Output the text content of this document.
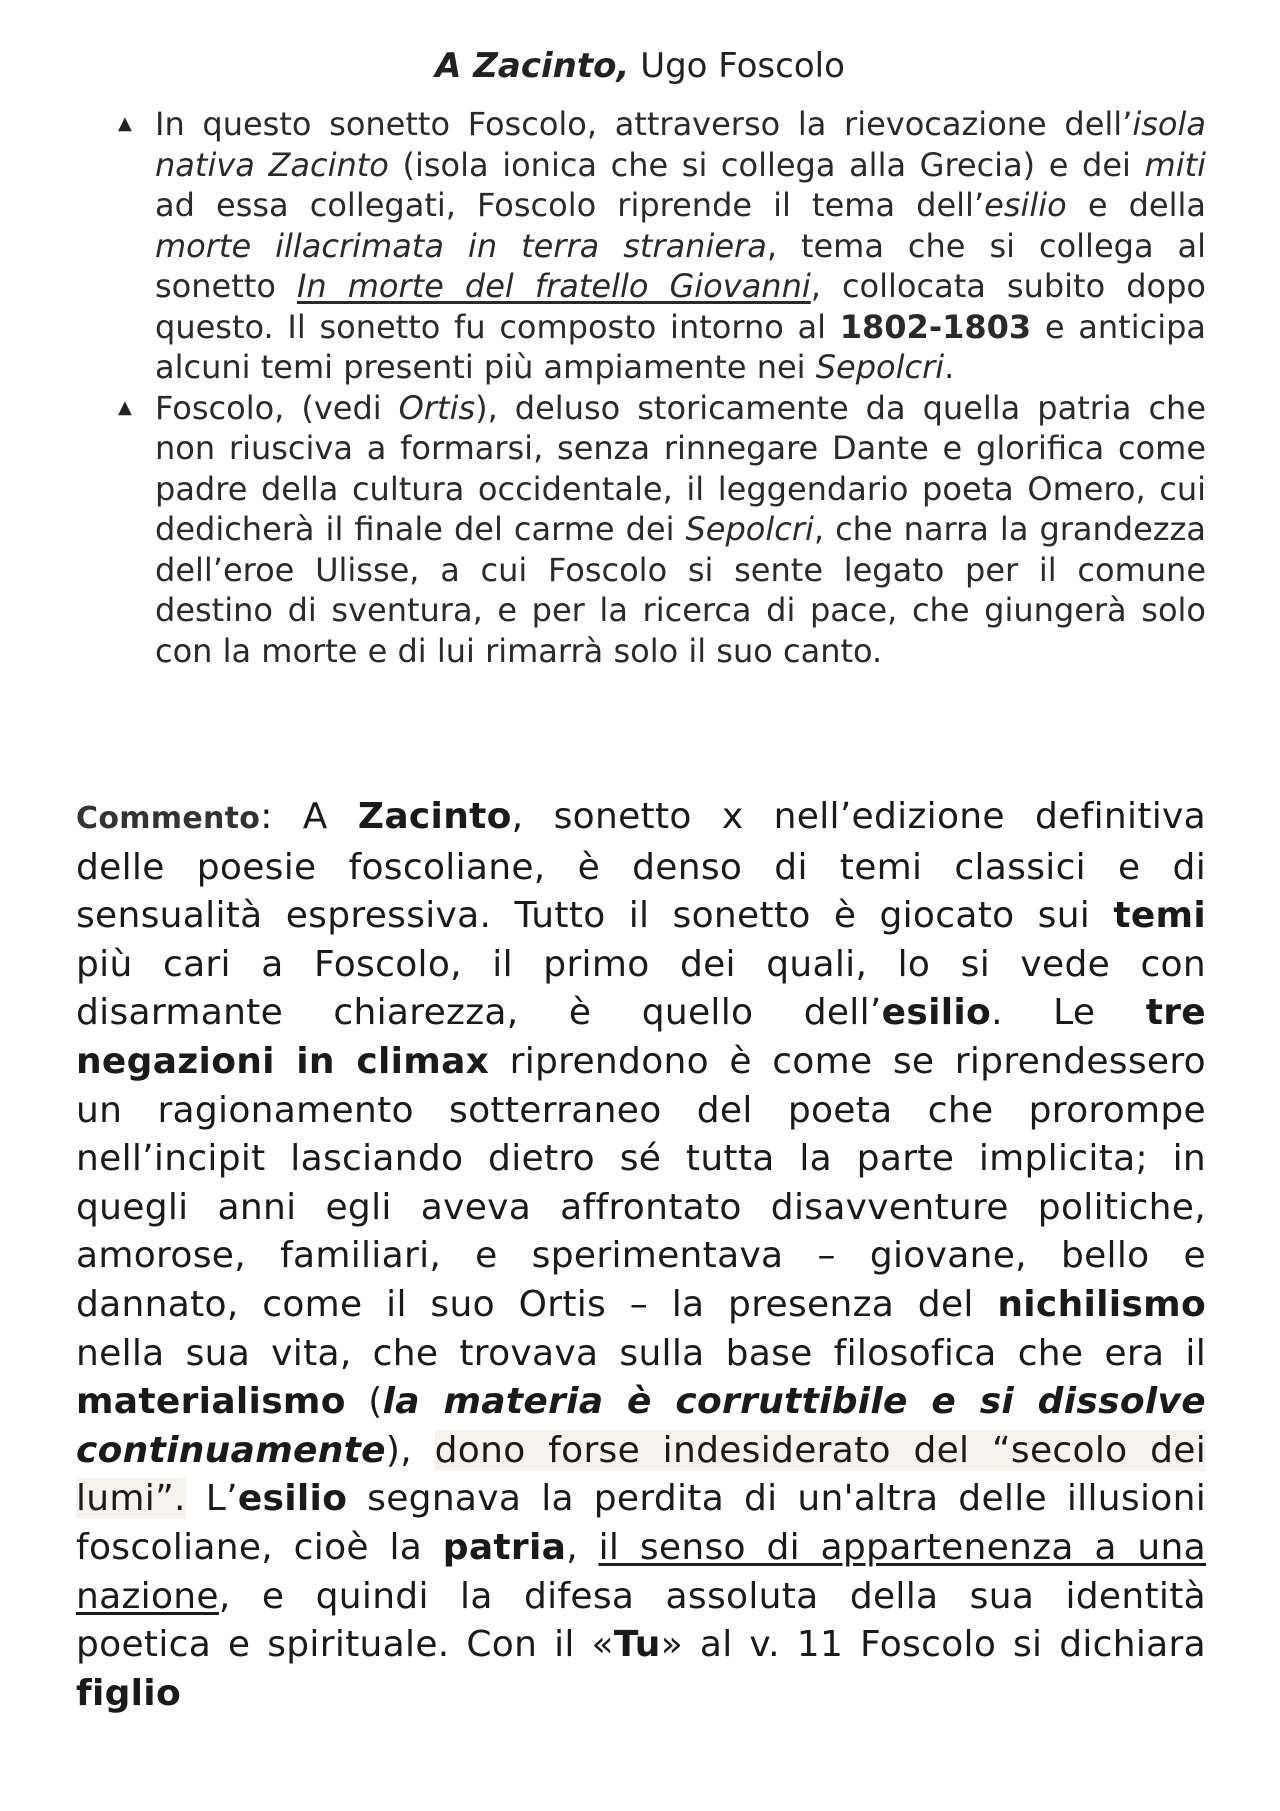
A Zacinto, Ugo Foscolo
▲ In questo sonetto Foscolo, attraverso la rievocazione dell’isola nativa Zacinto (isola ionica che si collega alla Grecia) e dei miti ad essa collegati, Foscolo riprende il tema dell’esilio e della morte illacrimata in terra straniera, tema che si collega al sonetto In morte del fratello Giovanni, collocata subito dopo questo. Il sonetto fu composto intorno al 1802-1803 e anticipa alcuni temi presenti più ampiamente nei Sepolcri.
▲ Foscolo, (vedi Ortis), deluso storicamente da quella patria che non riusciva a formarsi, senza rinnegare Dante e glorifica come padre della cultura occidentale, il leggendario poeta Omero, cui dedicherà il finale del carme dei Sepolcri, che narra la grandezza dell’eroe Ulisse, a cui Foscolo si sente legato per il comune destino di sventura, e per la ricerca di pace, che giungerà solo con la morte e di lui rimarrà solo il suo canto.
Commento: A Zacinto, sonetto x nell’edizione definitiva delle poesie foscoliane, è denso di temi classici e di sensualità espressiva. Tutto il sonetto è giocato sui temi più cari a Foscolo, il primo dei quali, lo si vede con disarmante chiarezza, è quello dell’esilio. Le tre negazioni in climax riprendono è come se riprendessero un ragionamento sotterraneo del poeta che prorompe nell’incipit lasciando dietro sé tutta la parte implicita; in quegli anni egli aveva affrontato disavventure politiche, amorose, familiari, e sperimentava – giovane, bello e dannato, come il suo Ortis – la presenza del nichilismo nella sua vita, che trovava sulla base filosofica che era il materialismo (la materia è corruttibile e si dissolve continuamente), dono forse indesiderato del “secolo dei lumi”. L’esilio segnava la perdita di un'altra delle illusioni foscoliane, cioè la patria, il senso di appartenenza a una nazione, e quindi la difesa assoluta della sua identità poetica e spirituale. Con il «Tu» al v. 11 Foscolo si dichiara figlio
